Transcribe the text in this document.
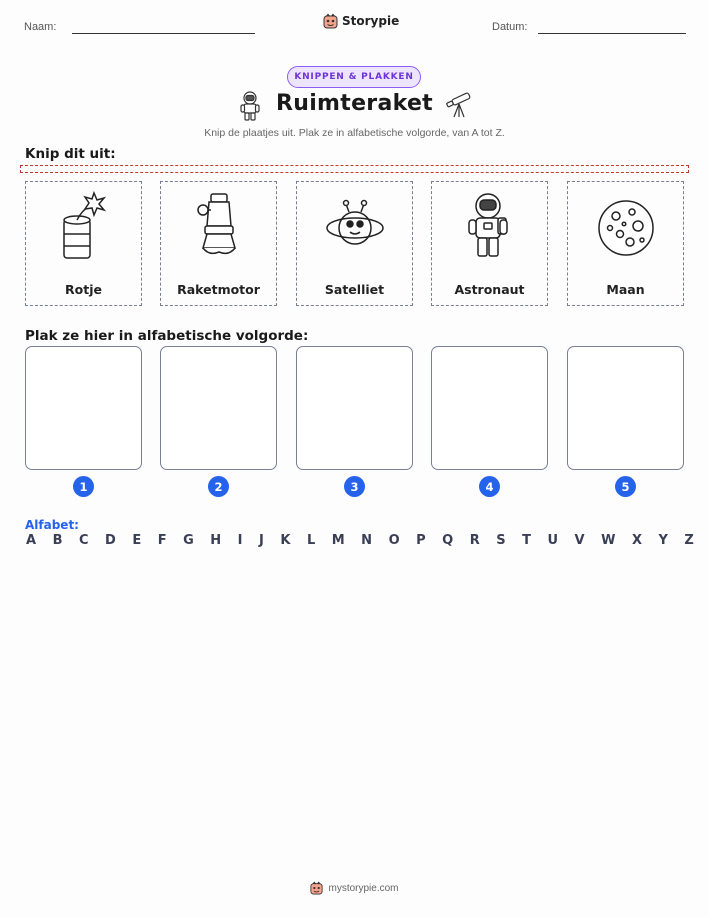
Naam:	Storypie	Datum:
KNIPPEN & PLAKKEN
Ruimteraket
Knip de plaatjes uit. Plak ze in alfabetische volgorde, van A tot Z.
Knip dit uit:
Rotje	Raketmotor	Satelliet	Astronaut	Maan
Plak ze hier in alfabetische volgorde:
1	2	3	4	5
Alfabet:
A B C D E F G H I J K L M N O P Q R S T U V W X Y Z
mystorypie.com
